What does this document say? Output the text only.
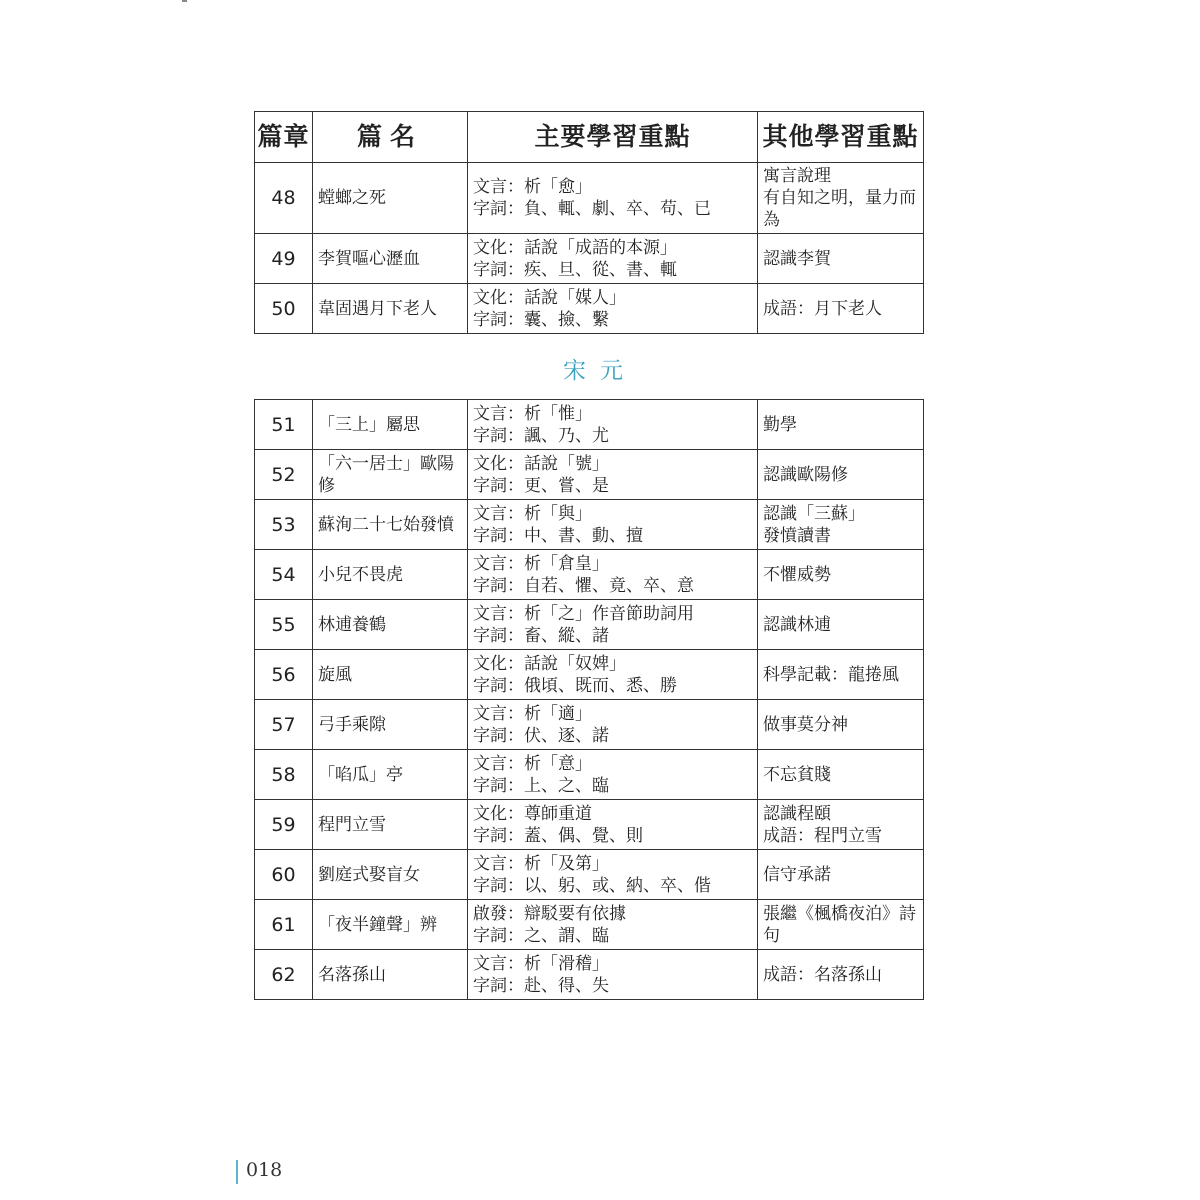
篇章	篇名	主要學習重點	其他學習重點
48	螳螂之死	文言：析「愈」
字詞：負、輒、劇、卒、苟、已	寓言說理
有自知之明，量力而為

49	李賀嘔心瀝血	文化：話說「成語的本源」
字詞：疾、旦、從、書、輒	認識李賀

50	韋固遇月下老人	文化：話說「媒人」
字詞：囊、撿、繫	成語：月下老人
宋元
51	「三上」屬思	文言：析「惟」
字詞：諷、乃、尤	勤學

52	「六一居士」歐陽修	文化：話說「號」
字詞：更、嘗、是	認識歐陽修

53	蘇洵二十七始發憤	文言：析「與」
字詞：中、書、動、擅	認識「三蘇」
發憤讀書

54	小兒不畏虎	文言：析「倉皇」
字詞：自若、懼、竟、卒、意	不懼威勢

55	林逋養鶴	文言：析「之」作音節助詞用
字詞：畜、縱、諸	認識林逋

56	旋風	文化：話說「奴婢」
字詞：俄頃、既而、悉、勝	科學記載：龍捲風

57	弓手乘隙	文言：析「適」
字詞：伏、逐、諾	做事莫分神

58	「啗瓜」亭	文言：析「意」
字詞：上、之、臨	不忘貧賤

59	程門立雪	文化：尊師重道
字詞：蓋、偶、覺、則	認識程頤
成語：程門立雪

60	劉庭式娶盲女	文言：析「及第」
字詞：以、躬、或、納、卒、偕	信守承諾

61	「夜半鐘聲」辨	啟發：辯駁要有依據
字詞：之、謂、臨	張繼《楓橋夜泊》詩句

62	名落孫山	文言：析「滑稽」
字詞：赴、得、失	成語：名落孫山
018
